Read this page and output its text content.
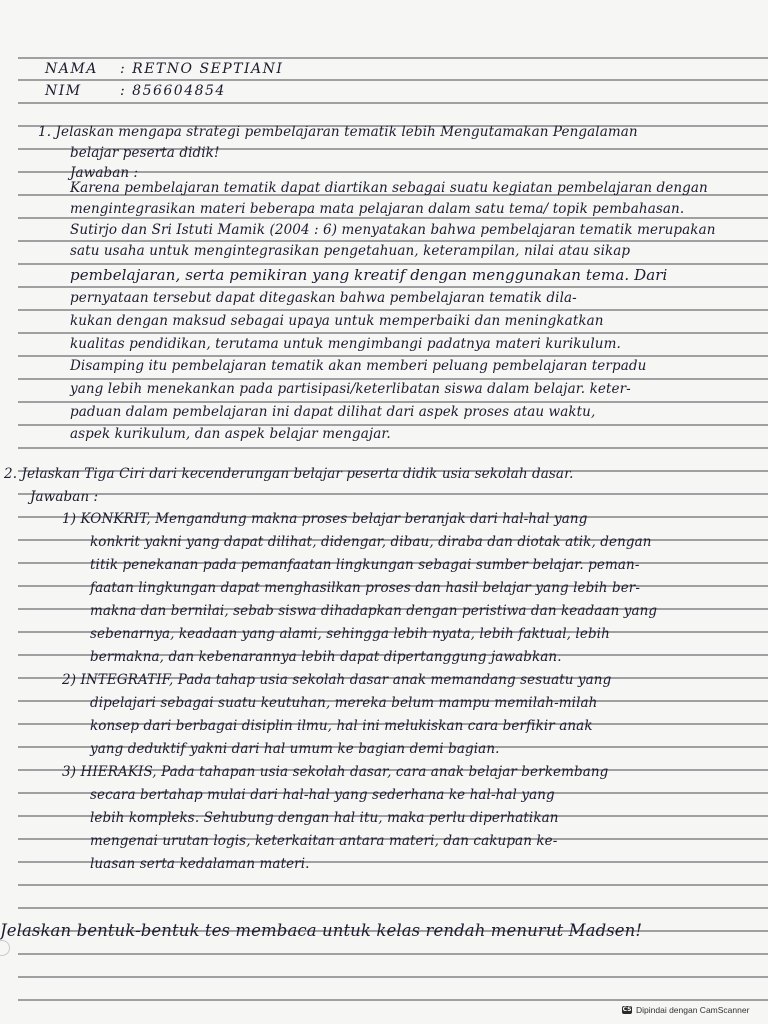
NAMA : RETNO SEPTIANI
NIM	: 856604854
1. Jelaskan mengapa strategi pembelajaran tematik lebih Mengutamakan Pengalaman
belajar peserta didik!
Jawaban :
Karena pembelajaran tematik dapat diartikan sebagai suatu kegiatan pembelajaran dengan
mengintegrasikan materi beberapa mata pelajaran dalam satu tema/ topik pembahasan.
Sutirjo dan Sri Istuti Mamik (2004 : 6) menyatakan bahwa pembelajaran tematik merupakan
satu usaha untuk mengintegrasikan pengetahuan, keterampilan, nilai atau sikap
pembelajaran, serta pemikiran yang kreatif dengan menggunakan tema. Dari
pernyataan tersebut dapat ditegaskan bahwa pembelajaran tematik dila-
kukan dengan maksud sebagai upaya untuk memperbaiki dan meningkatkan
kualitas pendidikan, terutama untuk mengimbangi padatnya materi kurikulum.
Disamping itu pembelajaran tematik akan memberi peluang pembelajaran terpadu
yang lebih menekankan pada partisipasi/keterlibatan siswa dalam belajar. keter-
paduan dalam pembelajaran ini dapat dilihat dari aspek proses atau waktu,
aspek kurikulum, dan aspek belajar mengajar.
2. Jelaskan Tiga Ciri dari kecenderungan belajar peserta didik usia sekolah dasar.
Jawaban :
1) KONKRIT, Mengandung makna proses belajar beranjak dari hal-hal yang
konkrit yakni yang dapat dilihat, didengar, dibau, diraba dan diotak atik, dengan
titik penekanan pada pemanfaatan lingkungan sebagai sumber belajar. peman-
faatan lingkungan dapat menghasilkan proses dan hasil belajar yang lebih ber-
makna dan bernilai, sebab siswa dihadapkan dengan peristiwa dan keadaan yang
sebenarnya, keadaan yang alami, sehingga lebih nyata, lebih faktual, lebih
bermakna, dan kebenarannya lebih dapat dipertanggung jawabkan.
2) INTEGRATIF, Pada tahap usia sekolah dasar anak memandang sesuatu yang
dipelajari sebagai suatu keutuhan, mereka belum mampu memilah-milah
konsep dari berbagai disiplin ilmu, hal ini melukiskan cara berfikir anak
yang deduktif yakni dari hal umum ke bagian demi bagian.
3) HIERAKIS, Pada tahapan usia sekolah dasar, cara anak belajar berkembang
secara bertahap mulai dari hal-hal yang sederhana ke hal-hal yang
lebih kompleks. Sehubung dengan hal itu, maka perlu diperhatikan
mengenai urutan logis, keterkaitan antara materi, dan cakupan ke-
luasan serta kedalaman materi.
Jelaskan bentuk-bentuk tes membaca untuk kelas rendah menurut Madsen!
CS Dipindai dengan CamScanner
